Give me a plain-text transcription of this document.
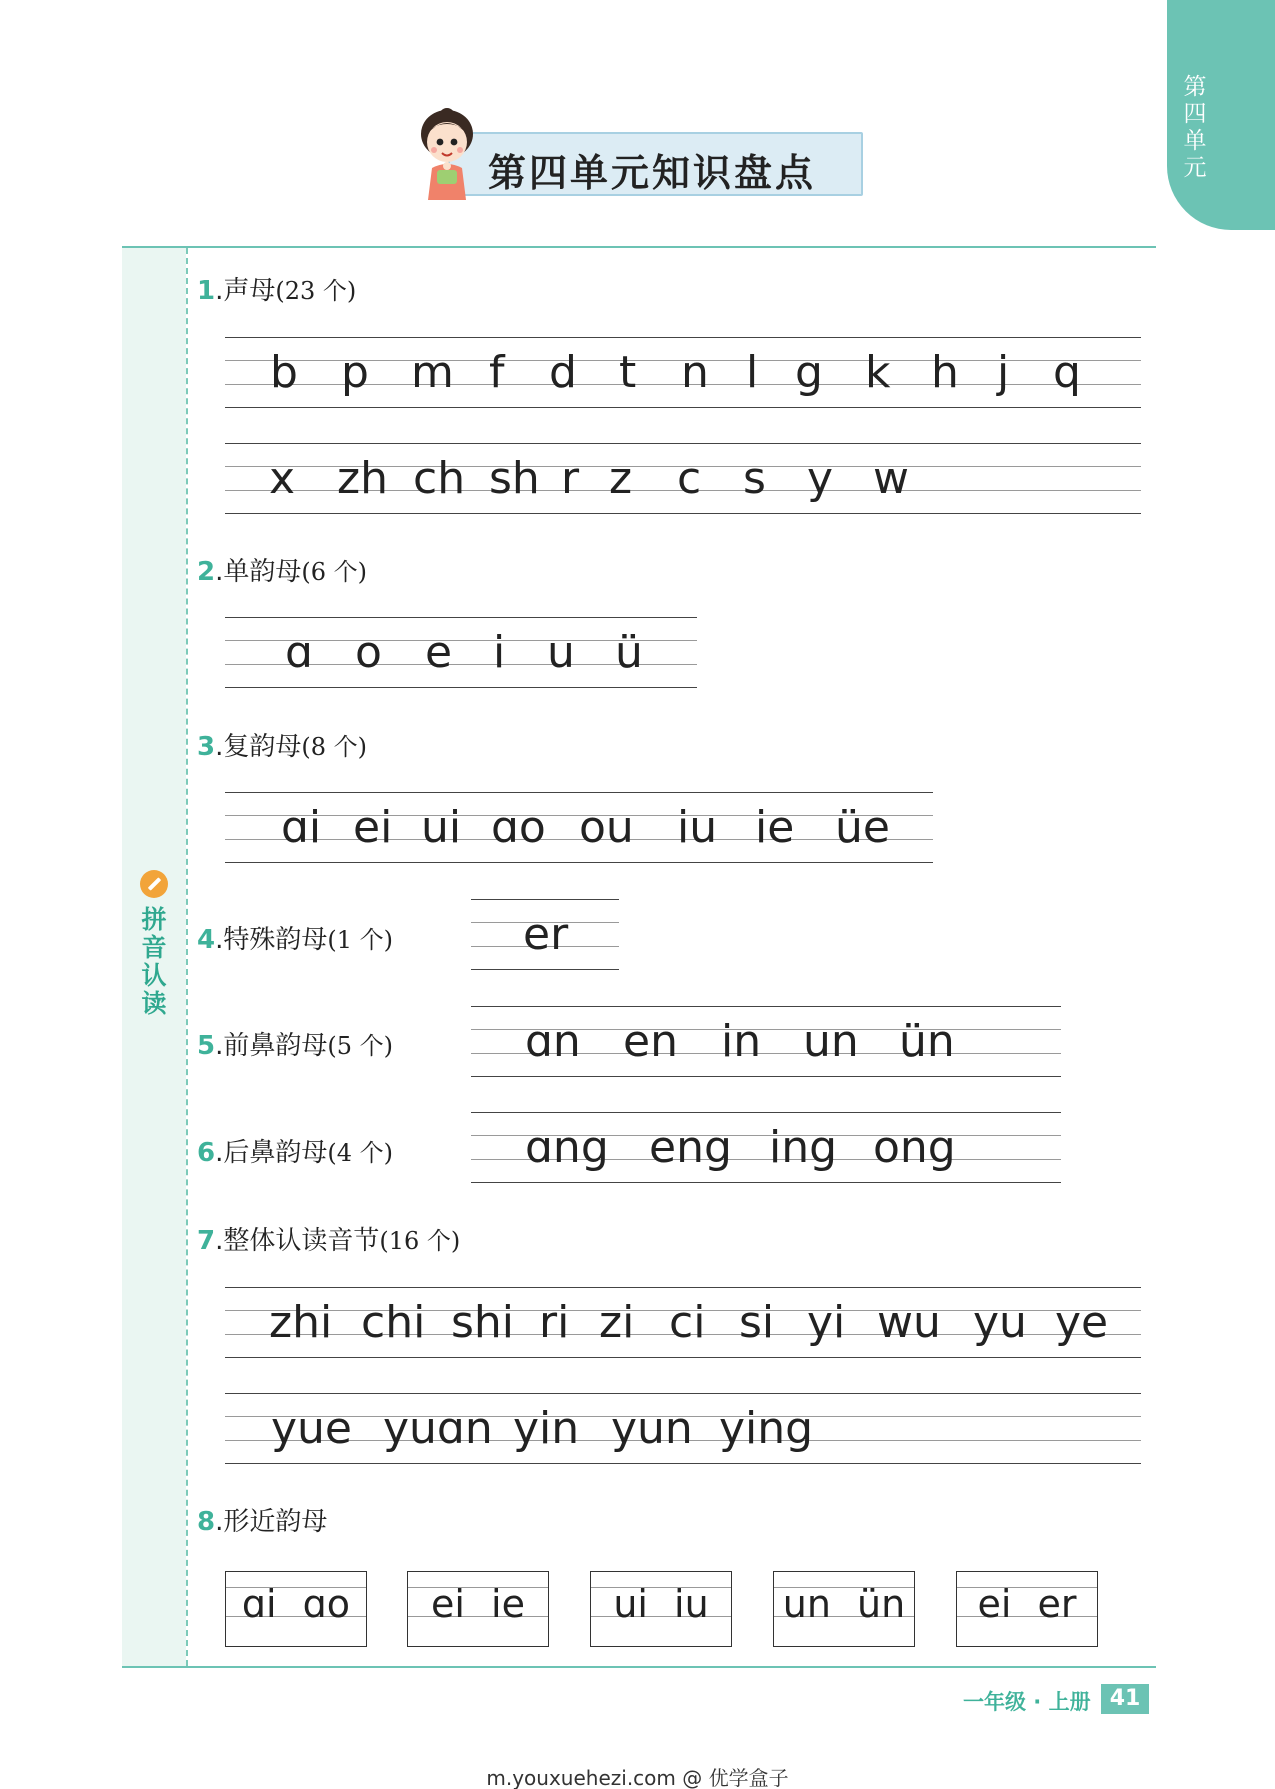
第
四
单
元
第四单元知识盘点
拼
音
认
读
1.声母(23 个)
b p m f d t n l g k h j q
x zh ch sh r z c s y w
2.单韵母(6 个)
ɑ o e i u ü
3.复韵母(8 个)
ɑi ei ui ɑo ou iu ie üe
4.特殊韵母(1 个)	er
5.前鼻韵母(5 个)	ɑn en in un ün
6.后鼻韵母(4 个)	ɑng eng ing ong
7.整体认读音节(16 个)
zhi chi shi ri zi ci si yi wu yu ye
yue yuɑn yin yun ying
8.形近韵母
ɑi ɑo	ei ie	ui iu	un ün	ei er
一年级 · 上册 41
m.youxuehezi.com @ 优学盒子
